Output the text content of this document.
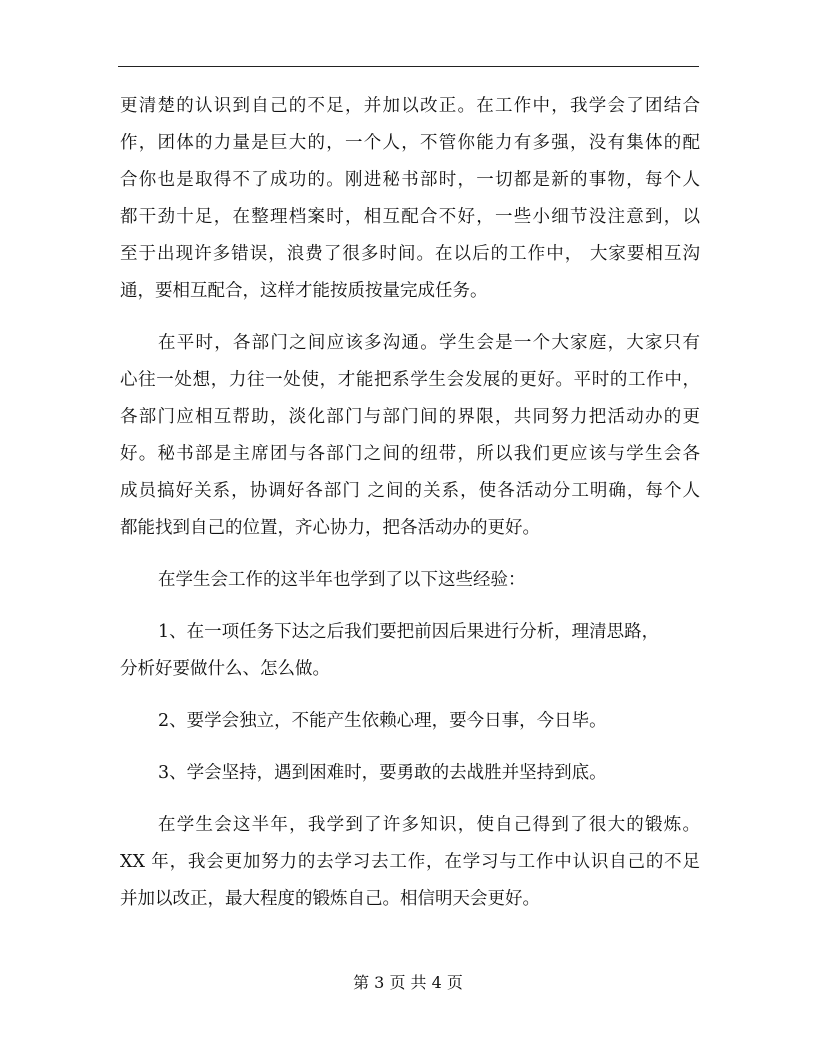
更清楚的认识到自己的不足，并加以改正。在工作中，我学会了团结合
作，团体的力量是巨大的，一个人，不管你能力有多强，没有集体的配
合你也是取得不了成功的。刚进秘书部时，一切都是新的事物，每个人
都干劲十足，在整理档案时，相互配合不好，一些小细节没注意到，以
至于出现许多错误，浪费了很多时间。在以后的工作中， 大家要相互沟
通，要相互配合，这样才能按质按量完成任务。
在平时，各部门之间应该多沟通。学生会是一个大家庭，大家只有
心往一处想，力往一处使，才能把系学生会发展的更好。平时的工作中，
各部门应相互帮助，淡化部门与部门间的界限，共同努力把活动办的更
好。秘书部是主席团与各部门之间的纽带，所以我们更应该与学生会各
成员搞好关系，协调好各部门 之间的关系，使各活动分工明确，每个人
都能找到自己的位置，齐心协力，把各活动办的更好。
在学生会工作的这半年也学到了以下这些经验：
1、在一项任务下达之后我们要把前因后果进行分析，理清思路，
分析好要做什么、怎么做。
2、要学会独立，不能产生依赖心理，要今日事，今日毕。
3、学会坚持，遇到困难时，要勇敢的去战胜并坚持到底。
在学生会这半年，我学到了许多知识，使自己得到了很大的锻炼。
XX 年，我会更加努力的去学习去工作，在学习与工作中认识自己的不足
并加以改正，最大程度的锻炼自己。相信明天会更好。
第 3 页 共 4 页
